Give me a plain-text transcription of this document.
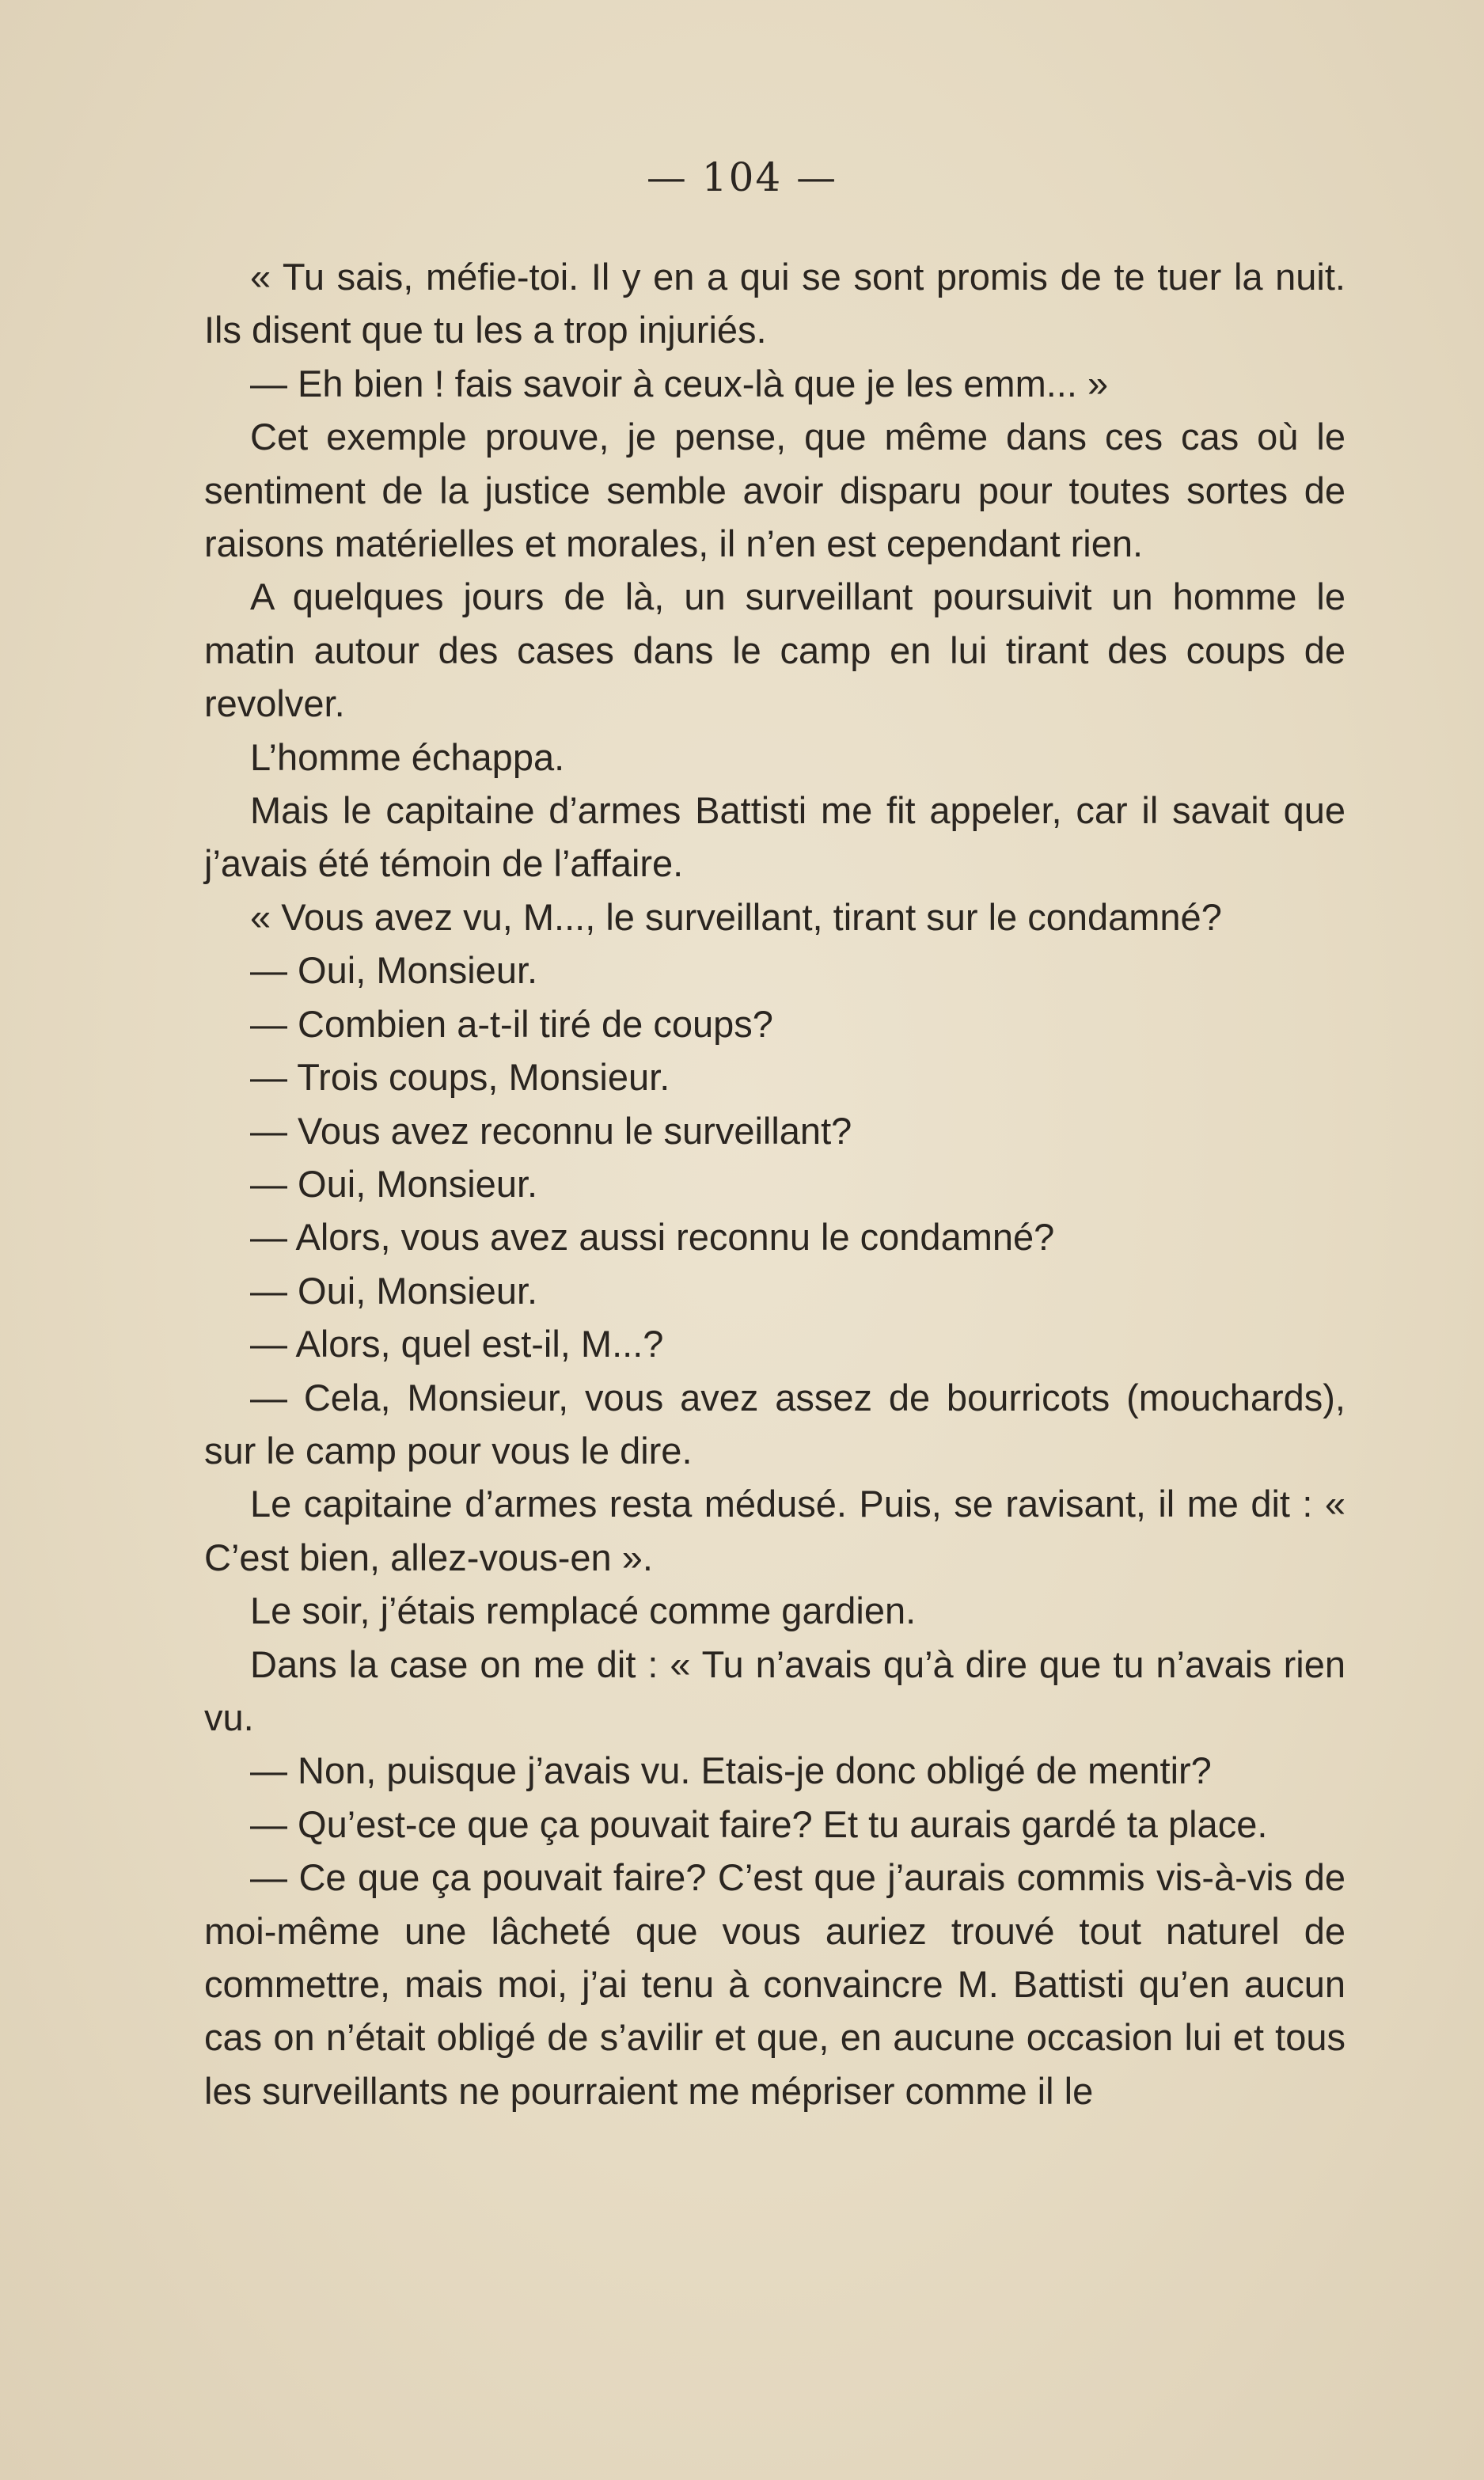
— 104 —

« Tu sais, méfie-toi. Il y en a qui se sont promis de te tuer la nuit. Ils disent que tu les a trop injuriés.

— Eh bien ! fais savoir à ceux-là que je les emm... »

Cet exemple prouve, je pense, que même dans ces cas où le sentiment de la justice semble avoir disparu pour toutes sortes de raisons matérielles et morales, il n’en est cependant rien.

A quelques jours de là, un surveillant poursuivit un homme le matin autour des cases dans le camp en lui tirant des coups de revolver.

L’homme échappa.

Mais le capitaine d’armes Battisti me fit appeler, car il savait que j’avais été témoin de l’affaire.

« Vous avez vu, M..., le surveillant, tirant sur le condamné?

— Oui, Monsieur.

— Combien a-t-il tiré de coups?

— Trois coups, Monsieur.

— Vous avez reconnu le surveillant?

— Oui, Monsieur.

— Alors, vous avez aussi reconnu le condamné?

— Oui, Monsieur.

— Alors, quel est-il, M...?

— Cela, Monsieur, vous avez assez de bourricots (mouchards), sur le camp pour vous le dire.

Le capitaine d’armes resta médusé. Puis, se ravisant, il me dit : « C’est bien, allez-vous-en ».

Le soir, j’étais remplacé comme gardien.

Dans la case on me dit : « Tu n’avais qu’à dire que tu n’avais rien vu.

— Non, puisque j’avais vu. Etais-je donc obligé de mentir?

— Qu’est-ce que ça pouvait faire? Et tu aurais gardé ta place.

— Ce que ça pouvait faire? C’est que j’aurais commis vis-à-vis de moi-même une lâcheté que vous auriez trouvé tout naturel de commettre, mais moi, j’ai tenu à convaincre M. Battisti qu’en aucun cas on n’était obligé de s’avilir et que, en aucune occasion lui et tous les surveillants ne pourraient me mépriser comme il le
